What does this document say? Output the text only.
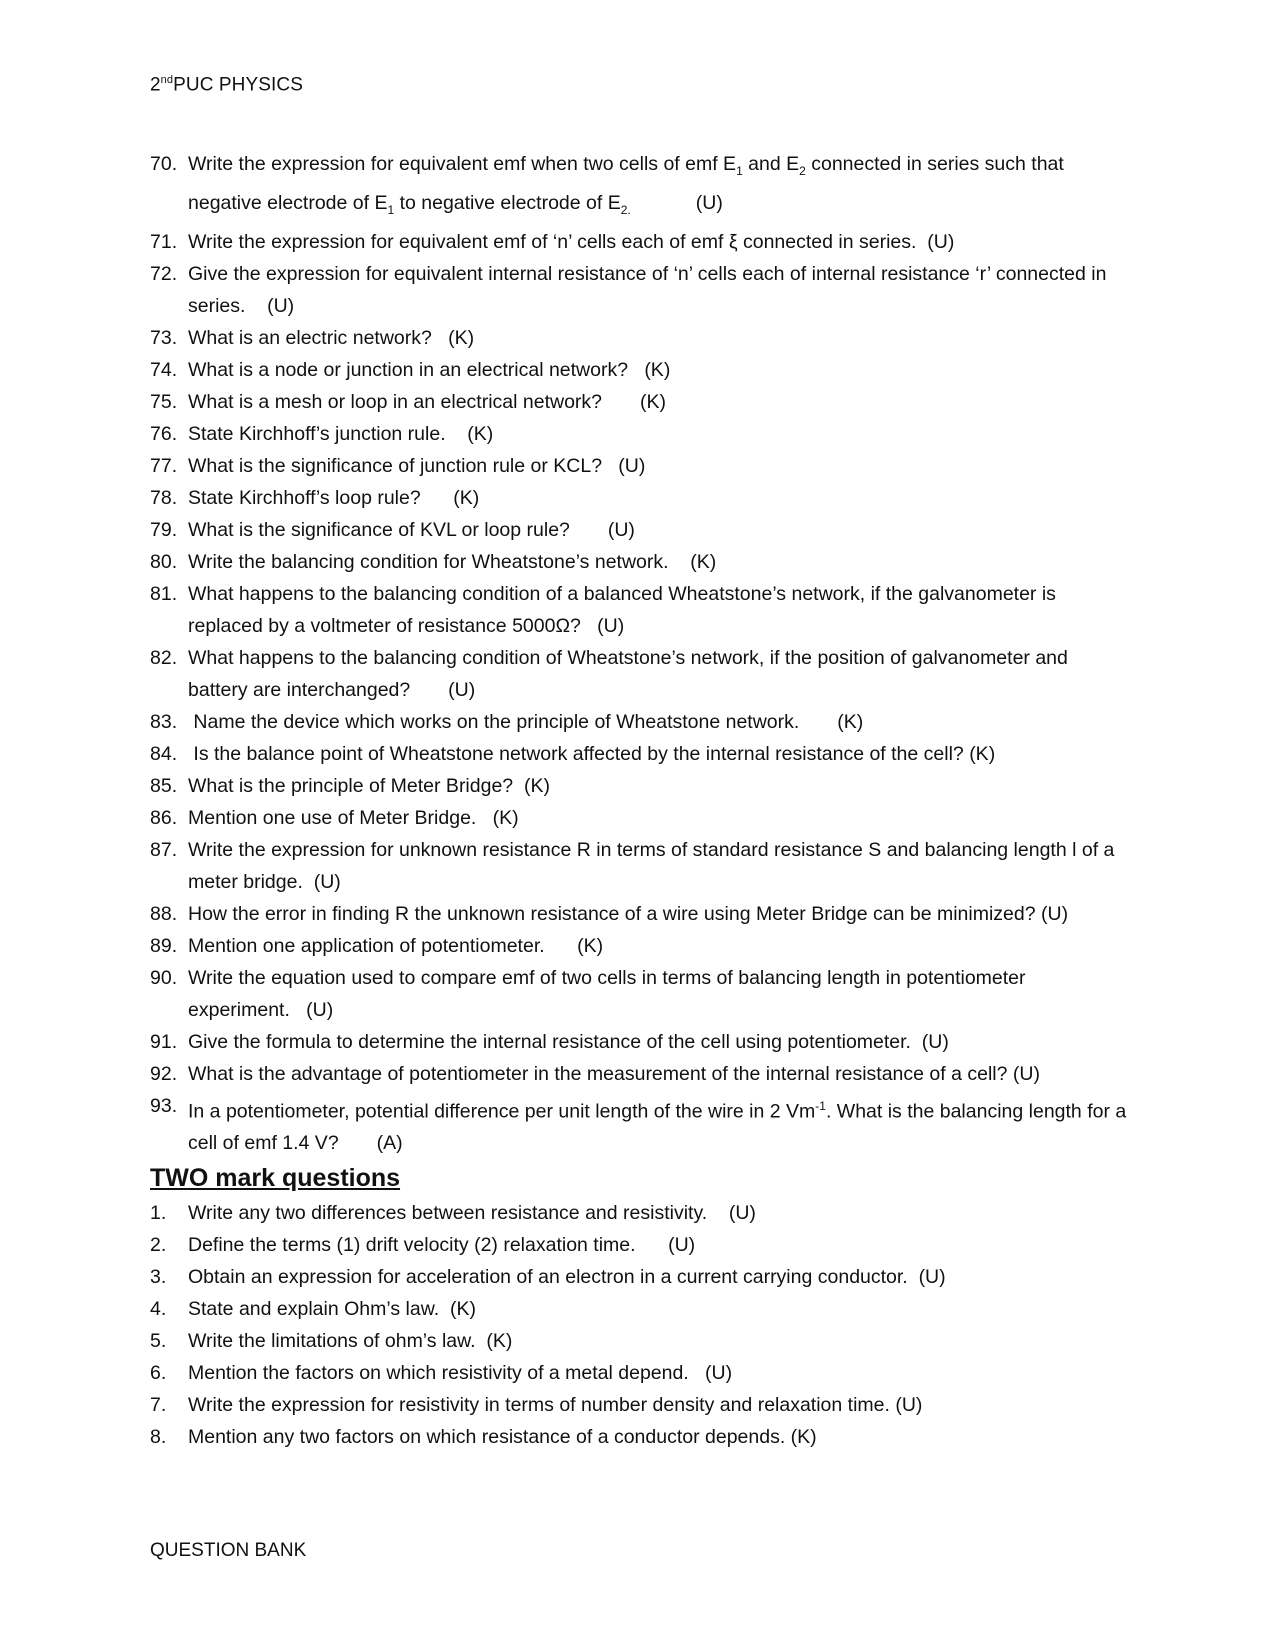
2ndPUC PHYSICS
70. Write the expression for equivalent emf when two cells of emf $E_1$ and $E_2$ connected in series such that negative electrode of $E_1$ to negative electrode of $E_{2.}$            (U)
71. Write the expression for equivalent emf of ‘n’ cells each of emf ξ connected in series.  (U)
72. Give the expression for equivalent internal resistance of ‘n’ cells each of internal resistance ‘r’ connected in series.    (U)
73. What is an electric network?   (K)
74. What is a node or junction in an electrical network?   (K)
75. What is a mesh or loop in an electrical network?       (K)
76. State Kirchhoff’s junction rule.    (K)
77. What is the significance of junction rule or KCL?   (U)
78. State Kirchhoff’s loop rule?      (K)
79. What is the significance of KVL or loop rule?       (U)
80. Write the balancing condition for Wheatstone’s network.    (K)
81. What happens to the balancing condition of a balanced Wheatstone’s network, if the galvanometer is replaced by a voltmeter of resistance 5000Ω?   (U)
82. What happens to the balancing condition of Wheatstone’s network, if the position of galvanometer and battery are interchanged?       (U)
83. Name the device which works on the principle of Wheatstone network.       (K)
84. Is the balance point of Wheatstone network affected by the internal resistance of the cell? (K)
85. What is the principle of Meter Bridge?  (K)
86. Mention one use of Meter Bridge.   (K)
87. Write the expression for unknown resistance R in terms of standard resistance S and balancing length l of a meter bridge.  (U)
88. How the error in finding R the unknown resistance of a wire using Meter Bridge can be minimized? (U)
89. Mention one application of potentiometer.      (K)
90. Write the equation used to compare emf of two cells in terms of balancing length in potentiometer experiment.   (U)
91. Give the formula to determine the internal resistance of the cell using potentiometer.  (U)
92. What is the advantage of potentiometer in the measurement of the internal resistance of a cell? (U)
93. In a potentiometer, potential difference per unit length of the wire in 2 $Vm^{-1}$. What is the balancing length for a cell of emf 1.4 V?       (A)
TWO mark questions
1.	Write any two differences between resistance and resistivity.    (U)
2.	Define the terms (1) drift velocity (2) relaxation time.      (U)
3.	Obtain an expression for acceleration of an electron in a current carrying conductor.  (U)
4.	State and explain Ohm’s law.  (K)
5.	Write the limitations of ohm’s law.  (K)
6.	Mention the factors on which resistivity of a metal depend.   (U)
7.	Write the expression for resistivity in terms of number density and relaxation time. (U)
8.	Mention any two factors on which resistance of a conductor depends. (K)
QUESTION BANK
